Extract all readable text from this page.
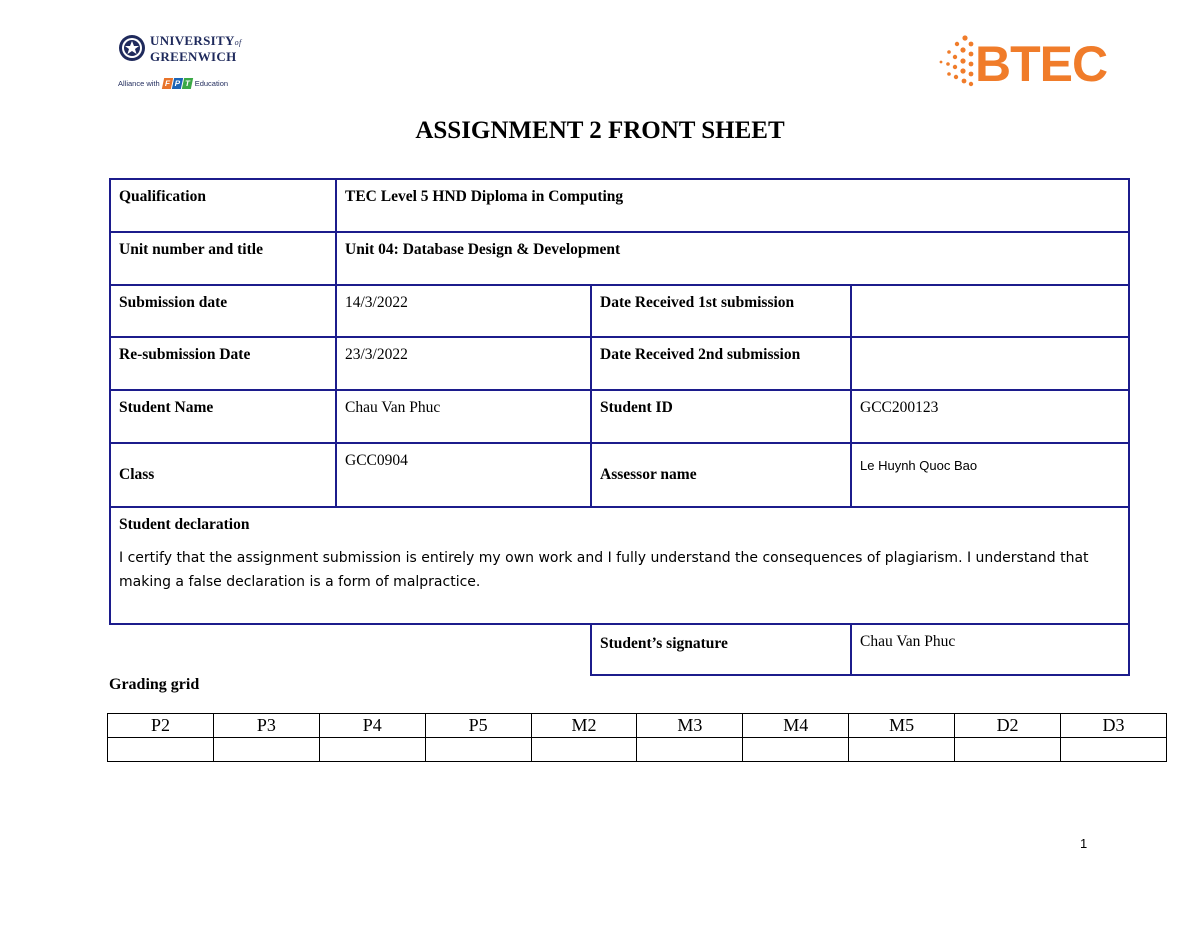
UNIVERSITYof
GREENWICH
Alliance with F P T Education	BTEC
ASSIGNMENT 2 FRONT SHEET
Qualification	TEC Level 5 HND Diploma in Computing		
Unit number and title	Unit 04: Database Design & Development		
Submission date	14/3/2022	Date Received 1st submission	
Re-submission Date	23/3/2022	Date Received 2nd submission	
Student Name	Chau Van Phuc	Student ID	GCC200123
Class	GCC0904	Assessor name	Le Huynh Quoc Bao

Student declaration
I certify that the assignment submission is entirely my own work and I fully understand the consequences of plagiarism. I understand that making a false declaration is a form of malpractice.			

		Student’s signature	Chau Van Phuc
Grading grid
P2	P3	P4	P5	M2	M3	M4	M5	D2	D3

1
